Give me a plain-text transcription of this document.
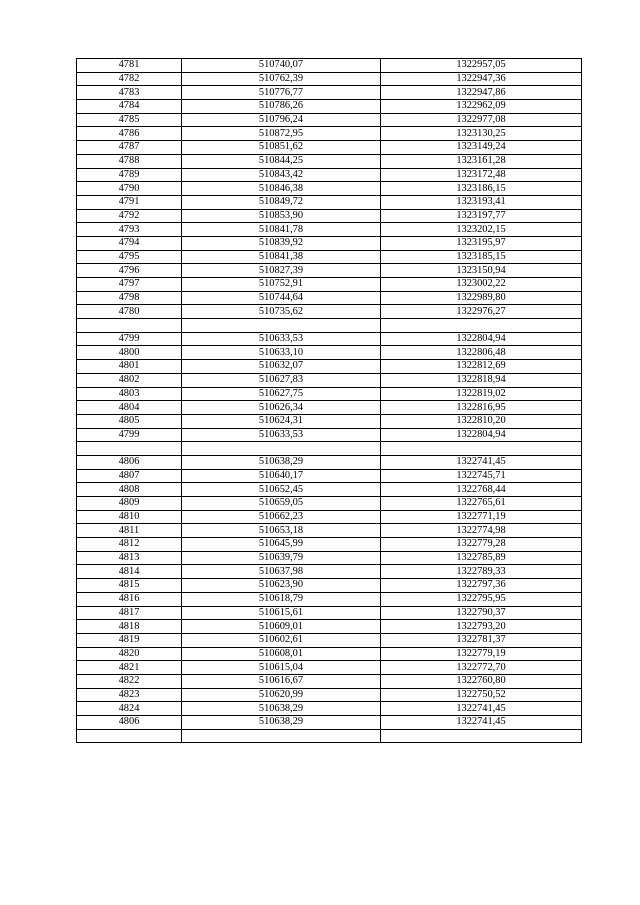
4781	510740,07	1322957,05
4782	510762,39	1322947,36
4783	510776,77	1322947,86
4784	510786,26	1322962,09
4785	510796,24	1322977,08
4786	510872,95	1323130,25
4787	510851,62	1323149,24
4788	510844,25	1323161,28
4789	510843,42	1323172,48
4790	510846,38	1323186,15
4791	510849,72	1323193,41
4792	510853,90	1323197,77
4793	510841,78	1323202,15
4794	510839,92	1323195,97
4795	510841,38	1323185,15
4796	510827,39	1323150,94
4797	510752,91	1323002,22
4798	510744,64	1322989,80
4780	510735,62	1322976,27

4799	510633,53	1322804,94
4800	510633,10	1322806,48
4801	510632,07	1322812,69
4802	510627,83	1322818,94
4803	510627,75	1322819,02
4804	510626,34	1322816,95
4805	510624,31	1322810,20
4799	510633,53	1322804,94

4806	510638,29	1322741,45
4807	510640,17	1322745,71
4808	510652,45	1322768,44
4809	510659,05	1322765,61
4810	510662,23	1322771,19
4811	510653,18	1322774,98
4812	510645,99	1322779,28
4813	510639,79	1322785,89
4814	510637,98	1322789,33
4815	510623,90	1322797,36
4816	510618,79	1322795,95
4817	510615,61	1322790,37
4818	510609,01	1322793,20
4819	510602,61	1322781,37
4820	510608,01	1322779,19
4821	510615,04	1322772,70
4822	510616,67	1322760,80
4823	510620,99	1322750,52
4824	510638,29	1322741,45
4806	510638,29	1322741,45
